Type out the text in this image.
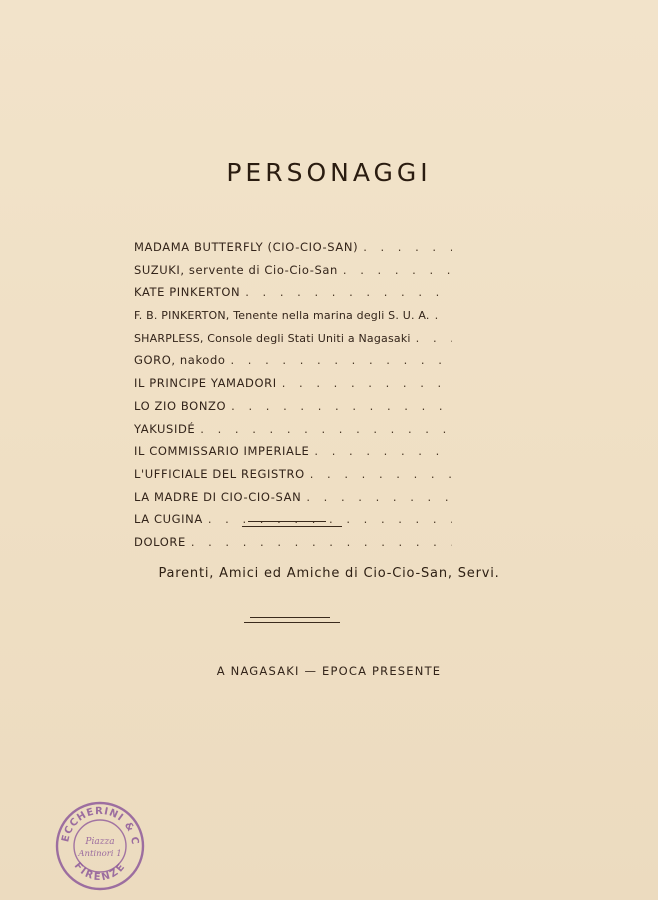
PERSONAGGI
MADAMA BUTTERFLY (CIO-CIO-SAN)
. . .
SUZUKI, servente di Cio-Cio-San
. . .
KATE PINKERTON
. . .
F. B. PINKERTON, Tenente nella marina degli S. U. A.
. . .
SHARPLESS, Console degli Stati Uniti a Nagasaki
. . .
GORO, nakodo
. . .
IL PRINCIPE YAMADORI
. . .
LO ZIO BONZO
. . .
YAKUSIDÉ
. . .
IL COMMISSARIO IMPERIALE
. . .
L'UFFICIALE DEL REGISTRO
. . .
LA MADRE DI CIO-CIO-SAN
. . .
LA CUGINA
. . .
DOLORE
. . .
Parenti, Amici ed Amiche di Cio-Cio-San, Servi.
A NAGASAKI — EPOCA PRESENTE
ECCHERINI & C
FIRENZE
Piazza
Antinori 1
